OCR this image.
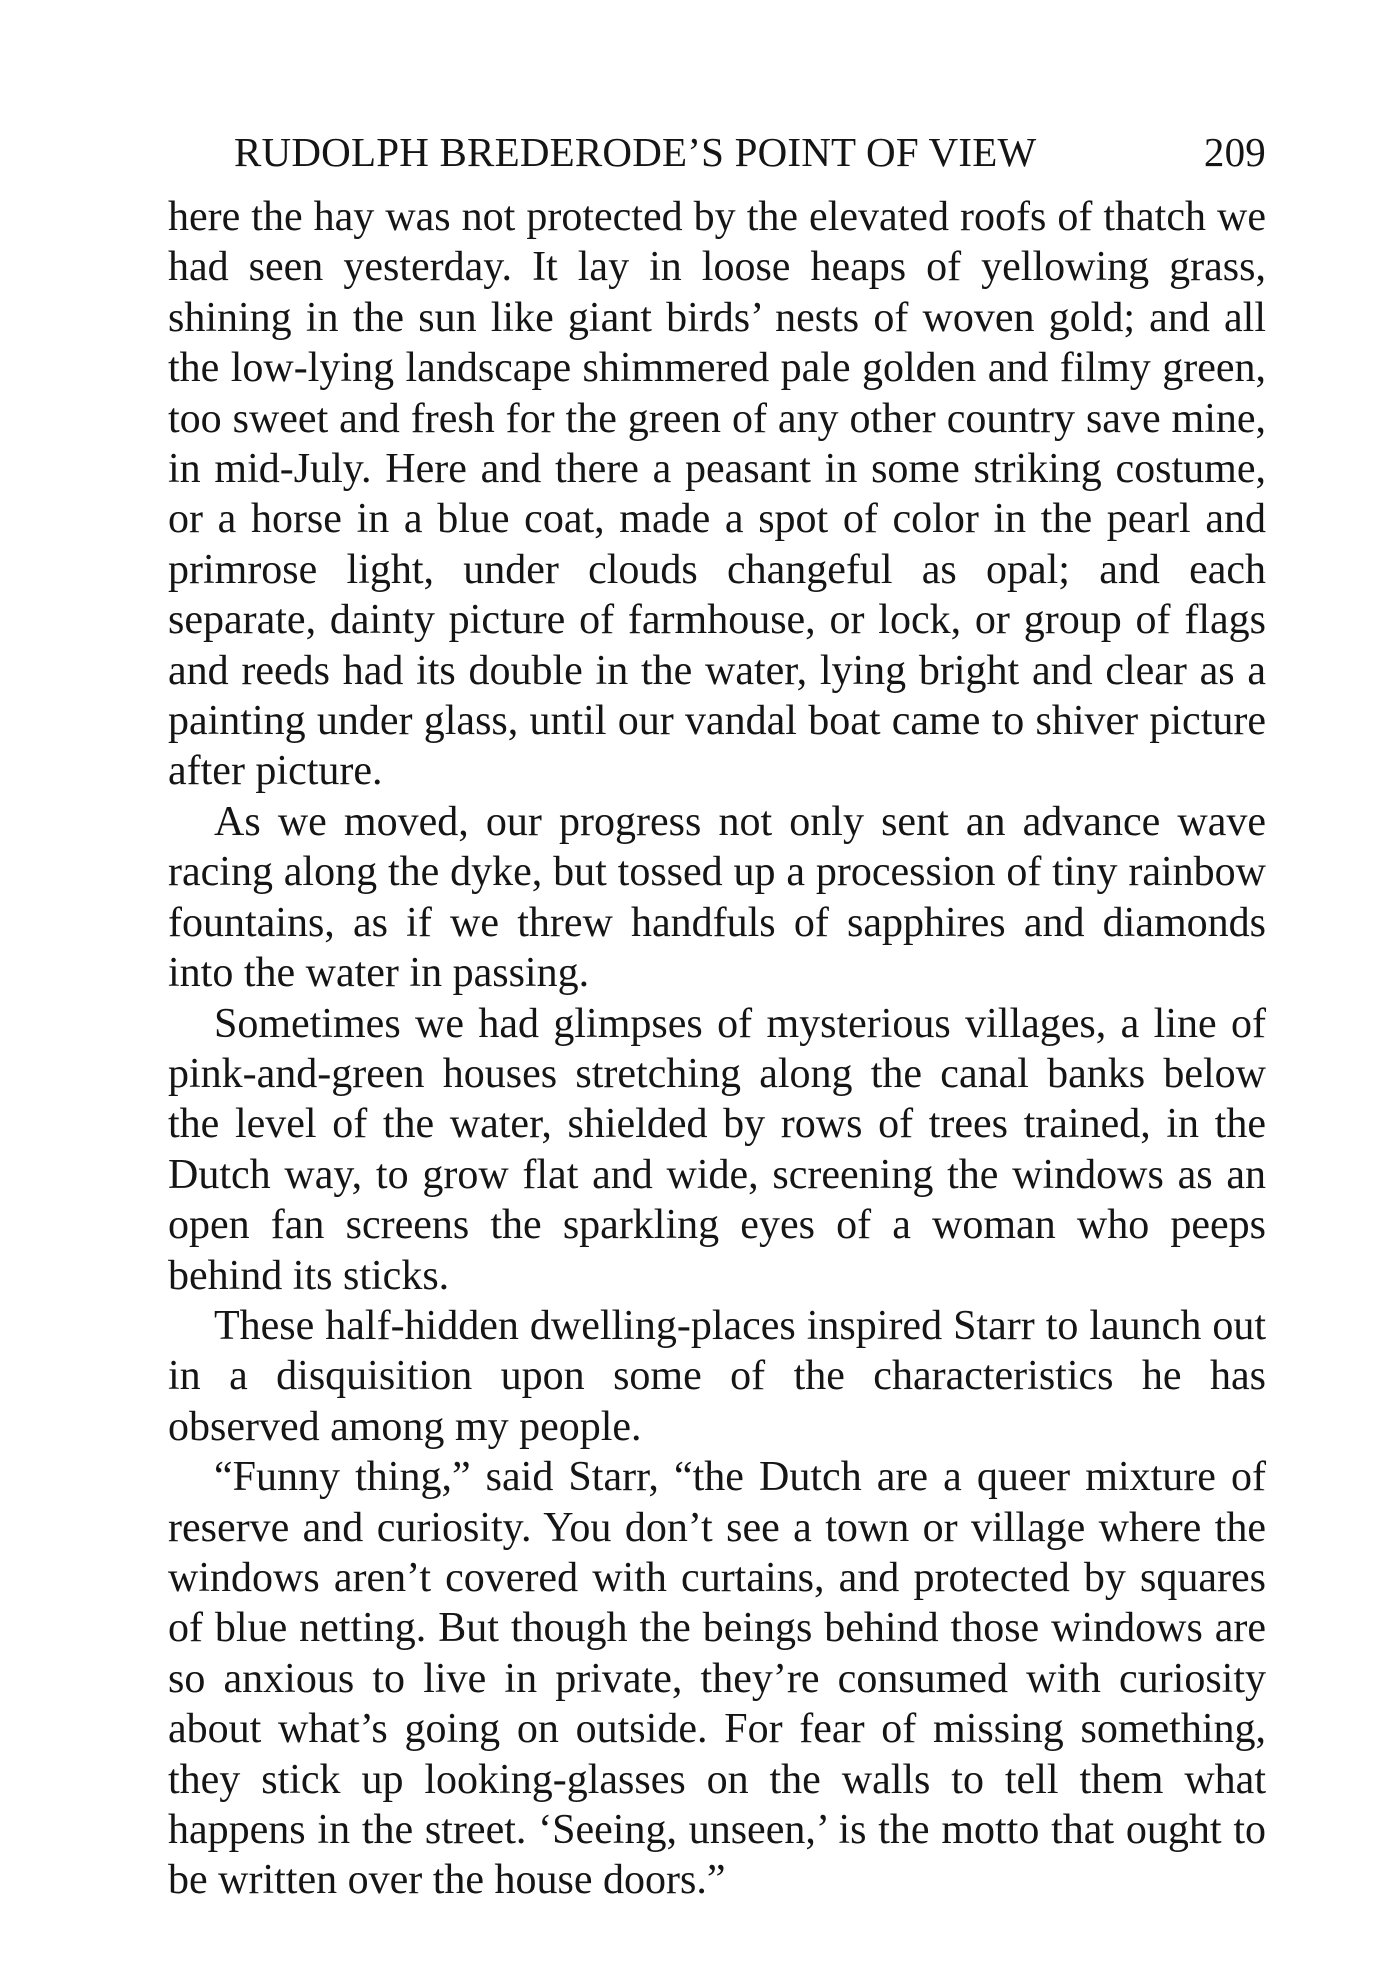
RUDOLPH BREDERODE’S POINT OF VIEW	209

here the hay was not protected by the elevated roofs of thatch we had seen yesterday. It lay in loose heaps of yellowing grass, shining in the sun like giant birds’ nests of woven gold; and all the low-lying landscape shimmered pale golden and filmy green, too sweet and fresh for the green of any other country save mine, in mid-July. Here and there a peasant in some striking costume, or a horse in a blue coat, made a spot of color in the pearl and primrose light, under clouds changeful as opal; and each separate, dainty picture of farmhouse, or lock, or group of flags and reeds had its double in the water, lying bright and clear as a painting under glass, until our vandal boat came to shiver picture after picture.

As we moved, our progress not only sent an advance wave racing along the dyke, but tossed up a procession of tiny rainbow fountains, as if we threw handfuls of sapphires and diamonds into the water in passing.

Sometimes we had glimpses of mysterious villages, a line of pink-and-green houses stretching along the canal banks below the level of the water, shielded by rows of trees trained, in the Dutch way, to grow flat and wide, screening the windows as an open fan screens the sparkling eyes of a woman who peeps behind its sticks.

These half-hidden dwelling-places inspired Starr to launch out in a disquisition upon some of the characteristics he has observed among my people.

“Funny thing,” said Starr, “the Dutch are a queer mixture of reserve and curiosity. You don’t see a town or village where the windows aren’t covered with curtains, and protected by squares of blue netting. But though the beings behind those windows are so anxious to live in private, they’re consumed with curiosity about what’s going on outside. For fear of missing something, they stick up looking-glasses on the walls to tell them what happens in the street. ‘Seeing, unseen,’ is the motto that ought to be written over the house doors.”
